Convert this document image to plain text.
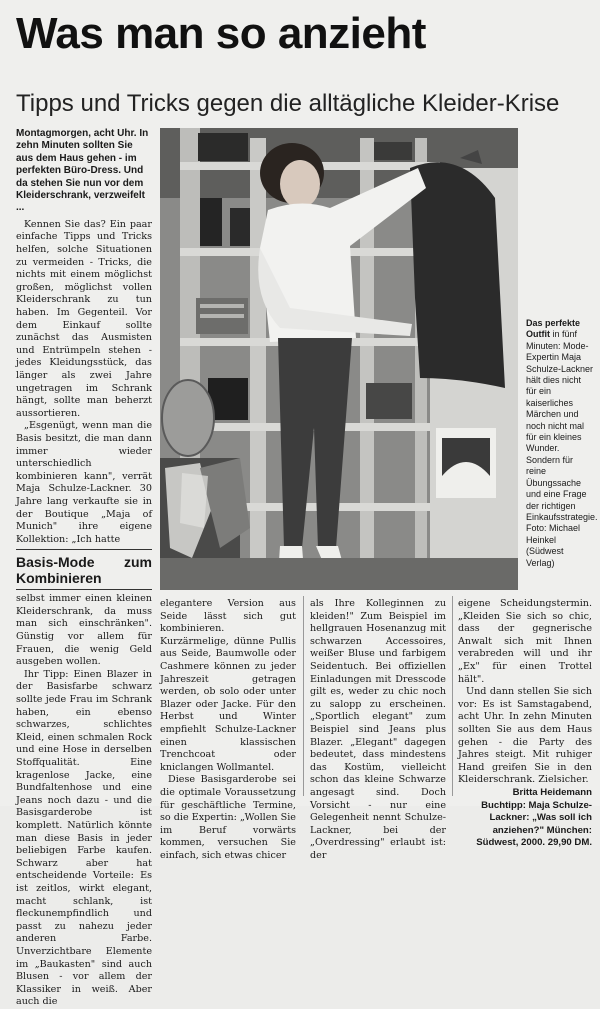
Was man so anzieht
Tipps und Tricks gegen die alltägliche Kleider-Krise

Montagmorgen, acht Uhr. In zehn Minuten sollten Sie aus dem Haus gehen - im perfekten Büro-Dress. Und da stehen Sie nun vor dem Kleiderschrank, verzweifelt ...

Kennen Sie das? Ein paar einfache Tipps und Tricks helfen, solche Situationen zu vermeiden - Tricks, die nichts mit einem möglichst großen, möglichst vollen Kleiderschrank zu tun haben. Im Gegenteil. Vor dem Einkauf sollte zunächst das Ausmisten und Entrümpeln stehen - jedes Kleidungsstück, das länger als zwei Jahre ungetragen im Schrank hängt, sollte man beherzt aussortieren.

„Esgenügt, wenn man die Basis besitzt, die man dann immer wieder unterschiedlich kombinieren kann", verrät Maja Schulze-Lackner. 30 Jahre lang verkaufte sie in der Boutique „Maja of Munich" ihre eigene Kollektion: „Ich hatte

Basis-Mode zum Kombinieren

selbst immer einen kleinen Kleiderschrank, da muss man sich einschränken". Günstig vor allem für Frauen, die wenig Geld ausgeben wollen.

Ihr Tipp: Einen Blazer in der Basisfarbe schwarz sollte jede Frau im Schrank haben, ein ebenso schwarzes, schlichtes Kleid, einen schmalen Rock und eine Hose in derselben Stoffqualität. Eine kragenlose Jacke, eine Bundfaltenhose und eine Jeans noch dazu - und die Basisgarderobe ist komplett. Natürlich könnte man diese Basis in jeder beliebigen Farbe kaufen. Schwarz aber hat entscheidende Vorteile: Es ist zeitlos, wirkt elegant, macht schlank, ist fleckunempfindlich und passt zu nahezu jeder anderen Farbe. Unverzichtbare Elemente im „Baukasten" sind auch Blusen - vor allem der Klassiker in weiß. Aber auch die

Das perfekte Outfit in fünf Minuten: Mode-Expertin Maja Schulze-Lackner hält dies nicht für ein kaiserliches Märchen und noch nicht mal für ein kleines Wunder. Sondern für reine Übungssache und eine Frage der richtigen Einkaufsstrategie. Foto: Michael Heinkel (Südwest Verlag)

elegantere Version aus Seide lässt sich gut kombinieren. Kurzärmelige, dünne Pullis aus Seide, Baumwolle oder Cashmere können zu jeder Jahreszeit getragen werden, ob solo oder unter Blazer oder Jacke. Für den Herbst und Winter empfiehlt Schulze-Lackner einen klassischen Trenchcoat oder kniclangen Wollmantel.

Diese Basisgarderobe sei die optimale Voraussetzung für geschäftliche Termine, so die Expertin: „Wollen Sie im Beruf vorwärts kommen, versuchen Sie einfach, sich etwas chicer

als Ihre Kolleginnen zu kleiden!" Zum Beispiel im hellgrauen Hosenanzug mit schwarzen Accessoires, weißer Bluse und farbigem Seidentuch. Bei offiziellen Einladungen mit Dresscode gilt es, weder zu chic noch zu salopp zu erscheinen. „Sportlich elegant" zum Beispiel sind Jeans plus Blazer. „Elegant" dagegen bedeutet, dass mindestens das Kostüm, vielleicht schon das kleine Schwarze angesagt sind. Doch Vorsicht - nur eine Gelegenheit nennt Schulze-Lackner, bei der „Overdressing" erlaubt ist: der

eigene Scheidungstermin. „Kleiden Sie sich so chic, dass der gegnerische Anwalt sich mit Ihnen verabreden will und ihr „Ex" für einen Trottel hält".

Und dann stellen Sie sich vor: Es ist Samstagabend, acht Uhr. In zehn Minuten sollten Sie aus dem Haus gehen - die Party des Jahres steigt. Mit ruhiger Hand greifen Sie in den Kleiderschrank. Zielsicher.

Britta Heidemann
Buchtipp: Maja Schulze-Lackner: „Was soll ich anziehen?" München: Südwest, 2000. 29,90 DM.
